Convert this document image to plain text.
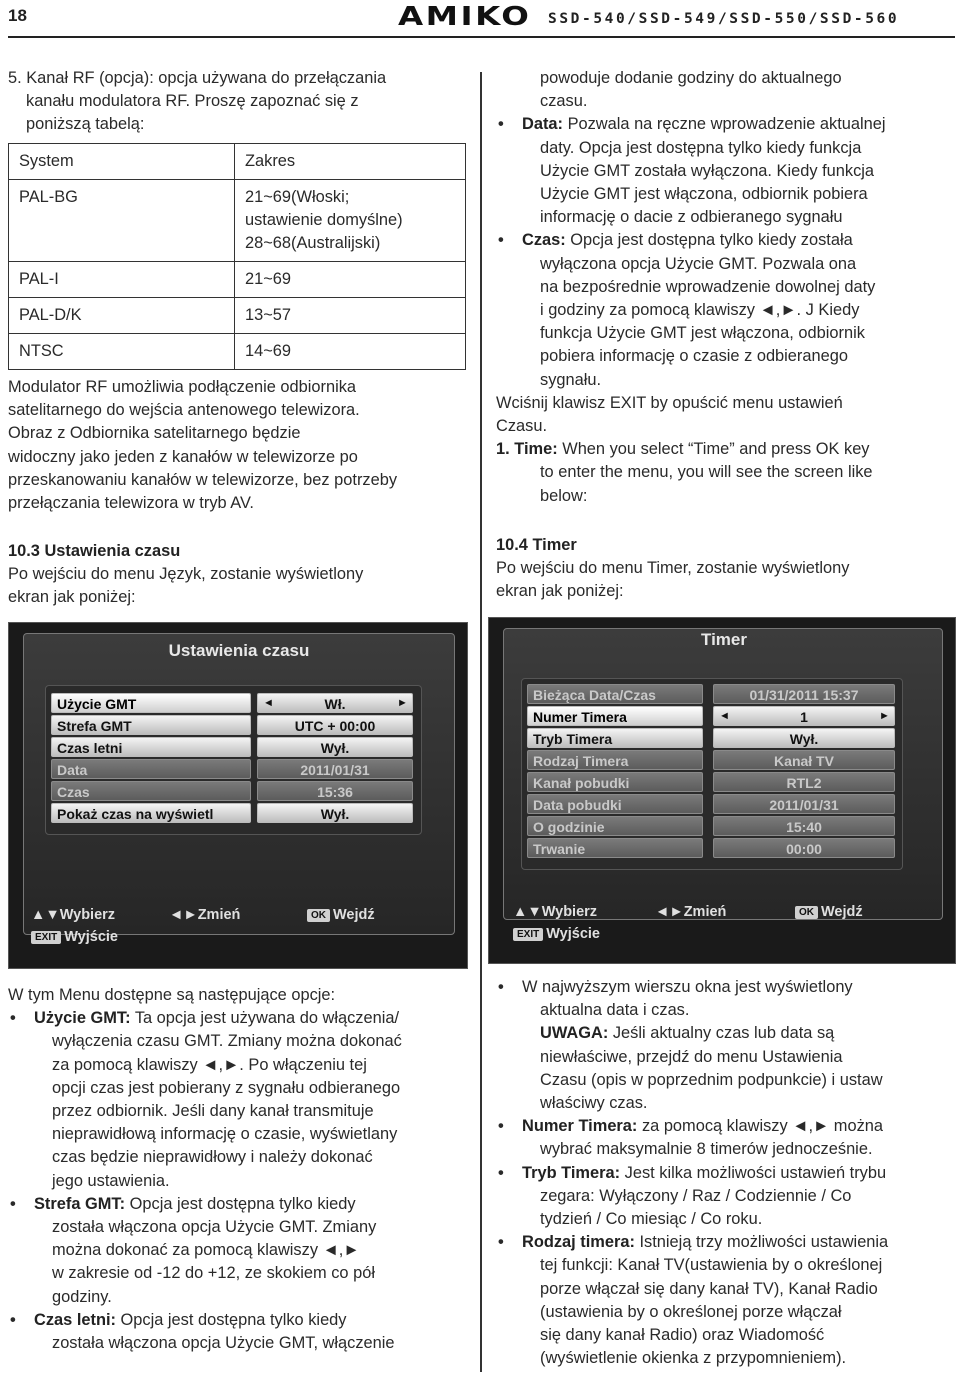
18	AMIKO SSD-540/SSD-549/SSD-550/SSD-560

5. Kanał RF (opcja): opcja używana do przełączania

kanału modulatora RF. Proszę zapoznać się z

poniższą tabelą:

System	Zakres
PAL-BG	21~69(Włoski;
ustawienie domyślne)
28~68(Australijski)

PAL-I	21~69
PAL-D/K	13~57
NTSC	14~69

Modulator RF umożliwia podłączenie odbiornika

satelitarnego do wejścia antenowego telewizora.

Obraz z Odbiornika satelitarnego będzie

widoczny jako jeden z kanałów w telewizorze po

przeskanowaniu kanałów w telewizorze, bez potrzeby

przełączania telewizora w tryb AV.

10.3 Ustawienia czasu

Po wejściu do menu Język, zostanie wyświetlony

ekran jak poniżej:

powoduje dodanie godziny do aktualnego

czasu.

• Data: Pozwala na ręczne wprowadzenie aktualnej

daty. Opcja jest dostępna tylko kiedy funkcja

Użycie GMT została wyłączona. Kiedy funkcja

Użycie GMT jest włączona, odbiornik pobiera

informację o dacie z odbieranego sygnału

• Czas: Opcja jest dostępna tylko kiedy została

wyłączona opcja Użycie GMT. Pozwala ona

na bezpośrednie wprowadzenie dowolnej daty

i godziny za pomocą klawiszy ◄,►. J Kiedy

funkcja Użycie GMT jest włączona, odbiornik

pobiera informację o czasie z odbieranego

sygnału.

Wciśnij klawisz EXIT by opuścić menu ustawień

Czasu.

1. Time: When you select “Time” and press OK key

to enter the menu, you will see the screen like

below:

10.4 Timer

Po wejściu do menu Timer, zostanie wyświetlony

ekran jak poniżej:

Ustawienia czasu
Użycie GMT	Wł.
◄	►
Strefa GMT	UTC + 00:00
Czas letni	Wył.
Data	2011/01/31
Czas	15:36
Pokaż czas na wyświetl	Wył.
▲▼Wybierz	◄►Zmień	OK Wejdź
EXIT Wyjście
Timer
Bieżąca Data/Czas	01/31/2011 15:37
Numer Timera	1
◄	►
Tryb Timera	Wył.
Rodzaj Timera	Kanał TV
Kanał pobudki	RTL2
Data pobudki	2011/01/31
O godzinie	15:40
Trwanie	00:00
▲▼Wybierz	◄►Zmień	OK Wejdź
EXIT Wyjście

W tym Menu dostępne są następujące opcje:

• Użycie GMT: Ta opcja jest używana do włączenia/

wyłączenia czasu GMT. Zmiany można dokonać

za pomocą klawiszy ◄,►. Po włączeniu tej

opcji czas jest pobierany z sygnału odbieranego

przez odbiornik. Jeśli dany kanał transmituje

nieprawidłową informację o czasie, wyświetlany

czas będzie nieprawidłowy i należy dokonać

jego ustawienia.

• Strefa GMT: Opcja jest dostępna tylko kiedy

została włączona opcja Użycie GMT. Zmiany

można dokonać za pomocą klawiszy ◄,►

w zakresie od -12 do +12, ze skokiem co pół

godziny.

• Czas letni: Opcja jest dostępna tylko kiedy

została włączona opcja Użycie GMT, włączenie

• W najwyższym wierszu okna jest wyświetlony

aktualna data i czas.

UWAGA: Jeśli aktualny czas lub data są

niewłaściwe, przejdź do menu Ustawienia

Czasu (opis w poprzednim podpunkcie) i ustaw

właściwy czas.

• Numer Timera: za pomocą klawiszy ◄,► można

wybrać maksymalnie 8 timerów jednocześnie.

• Tryb Timera: Jest kilka możliwości ustawień trybu

zegara: Wyłączony / Raz / Codziennie / Co

tydzień / Co miesiąc / Co roku.

• Rodzaj timera: Istnieją trzy możliwości ustawienia

tej funkcji: Kanał TV(ustawienia by o określonej

porze włączał się dany kanał TV), Kanał Radio

(ustawienia by o określonej porze włączał

się dany kanał Radio) oraz Wiadomość

(wyświetlenie okienka z przypomnieniem).
